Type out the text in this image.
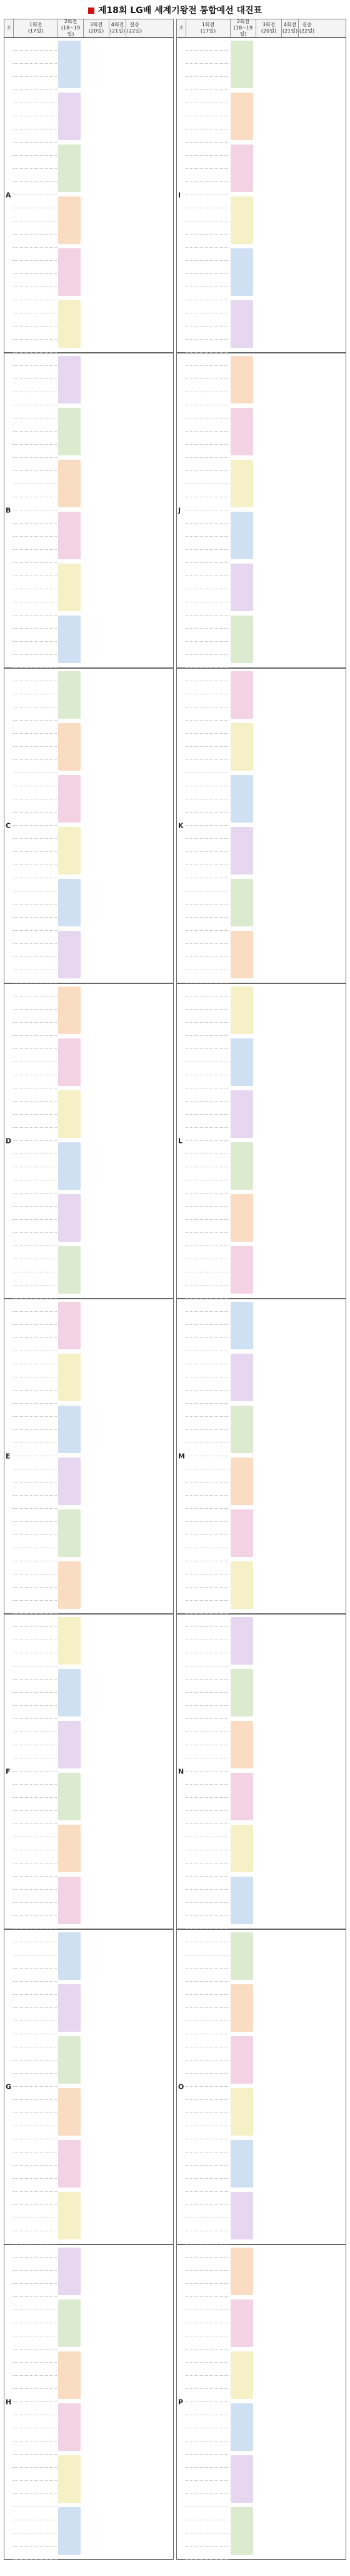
제18회 LG배 세계기왕전 통합예선 대진표
조
1회전
(17일)
2회전
(18~19일)
3회전
(20일)
4회전
(21일)
결승
(22일)
A
B
C
D
E
F
G
H
조
1회전
(17일)
2회전
(18~19일)
3회전
(20일)
4회전
(21일)
결승
(22일)
I
J
K
L
M
N
O
P
